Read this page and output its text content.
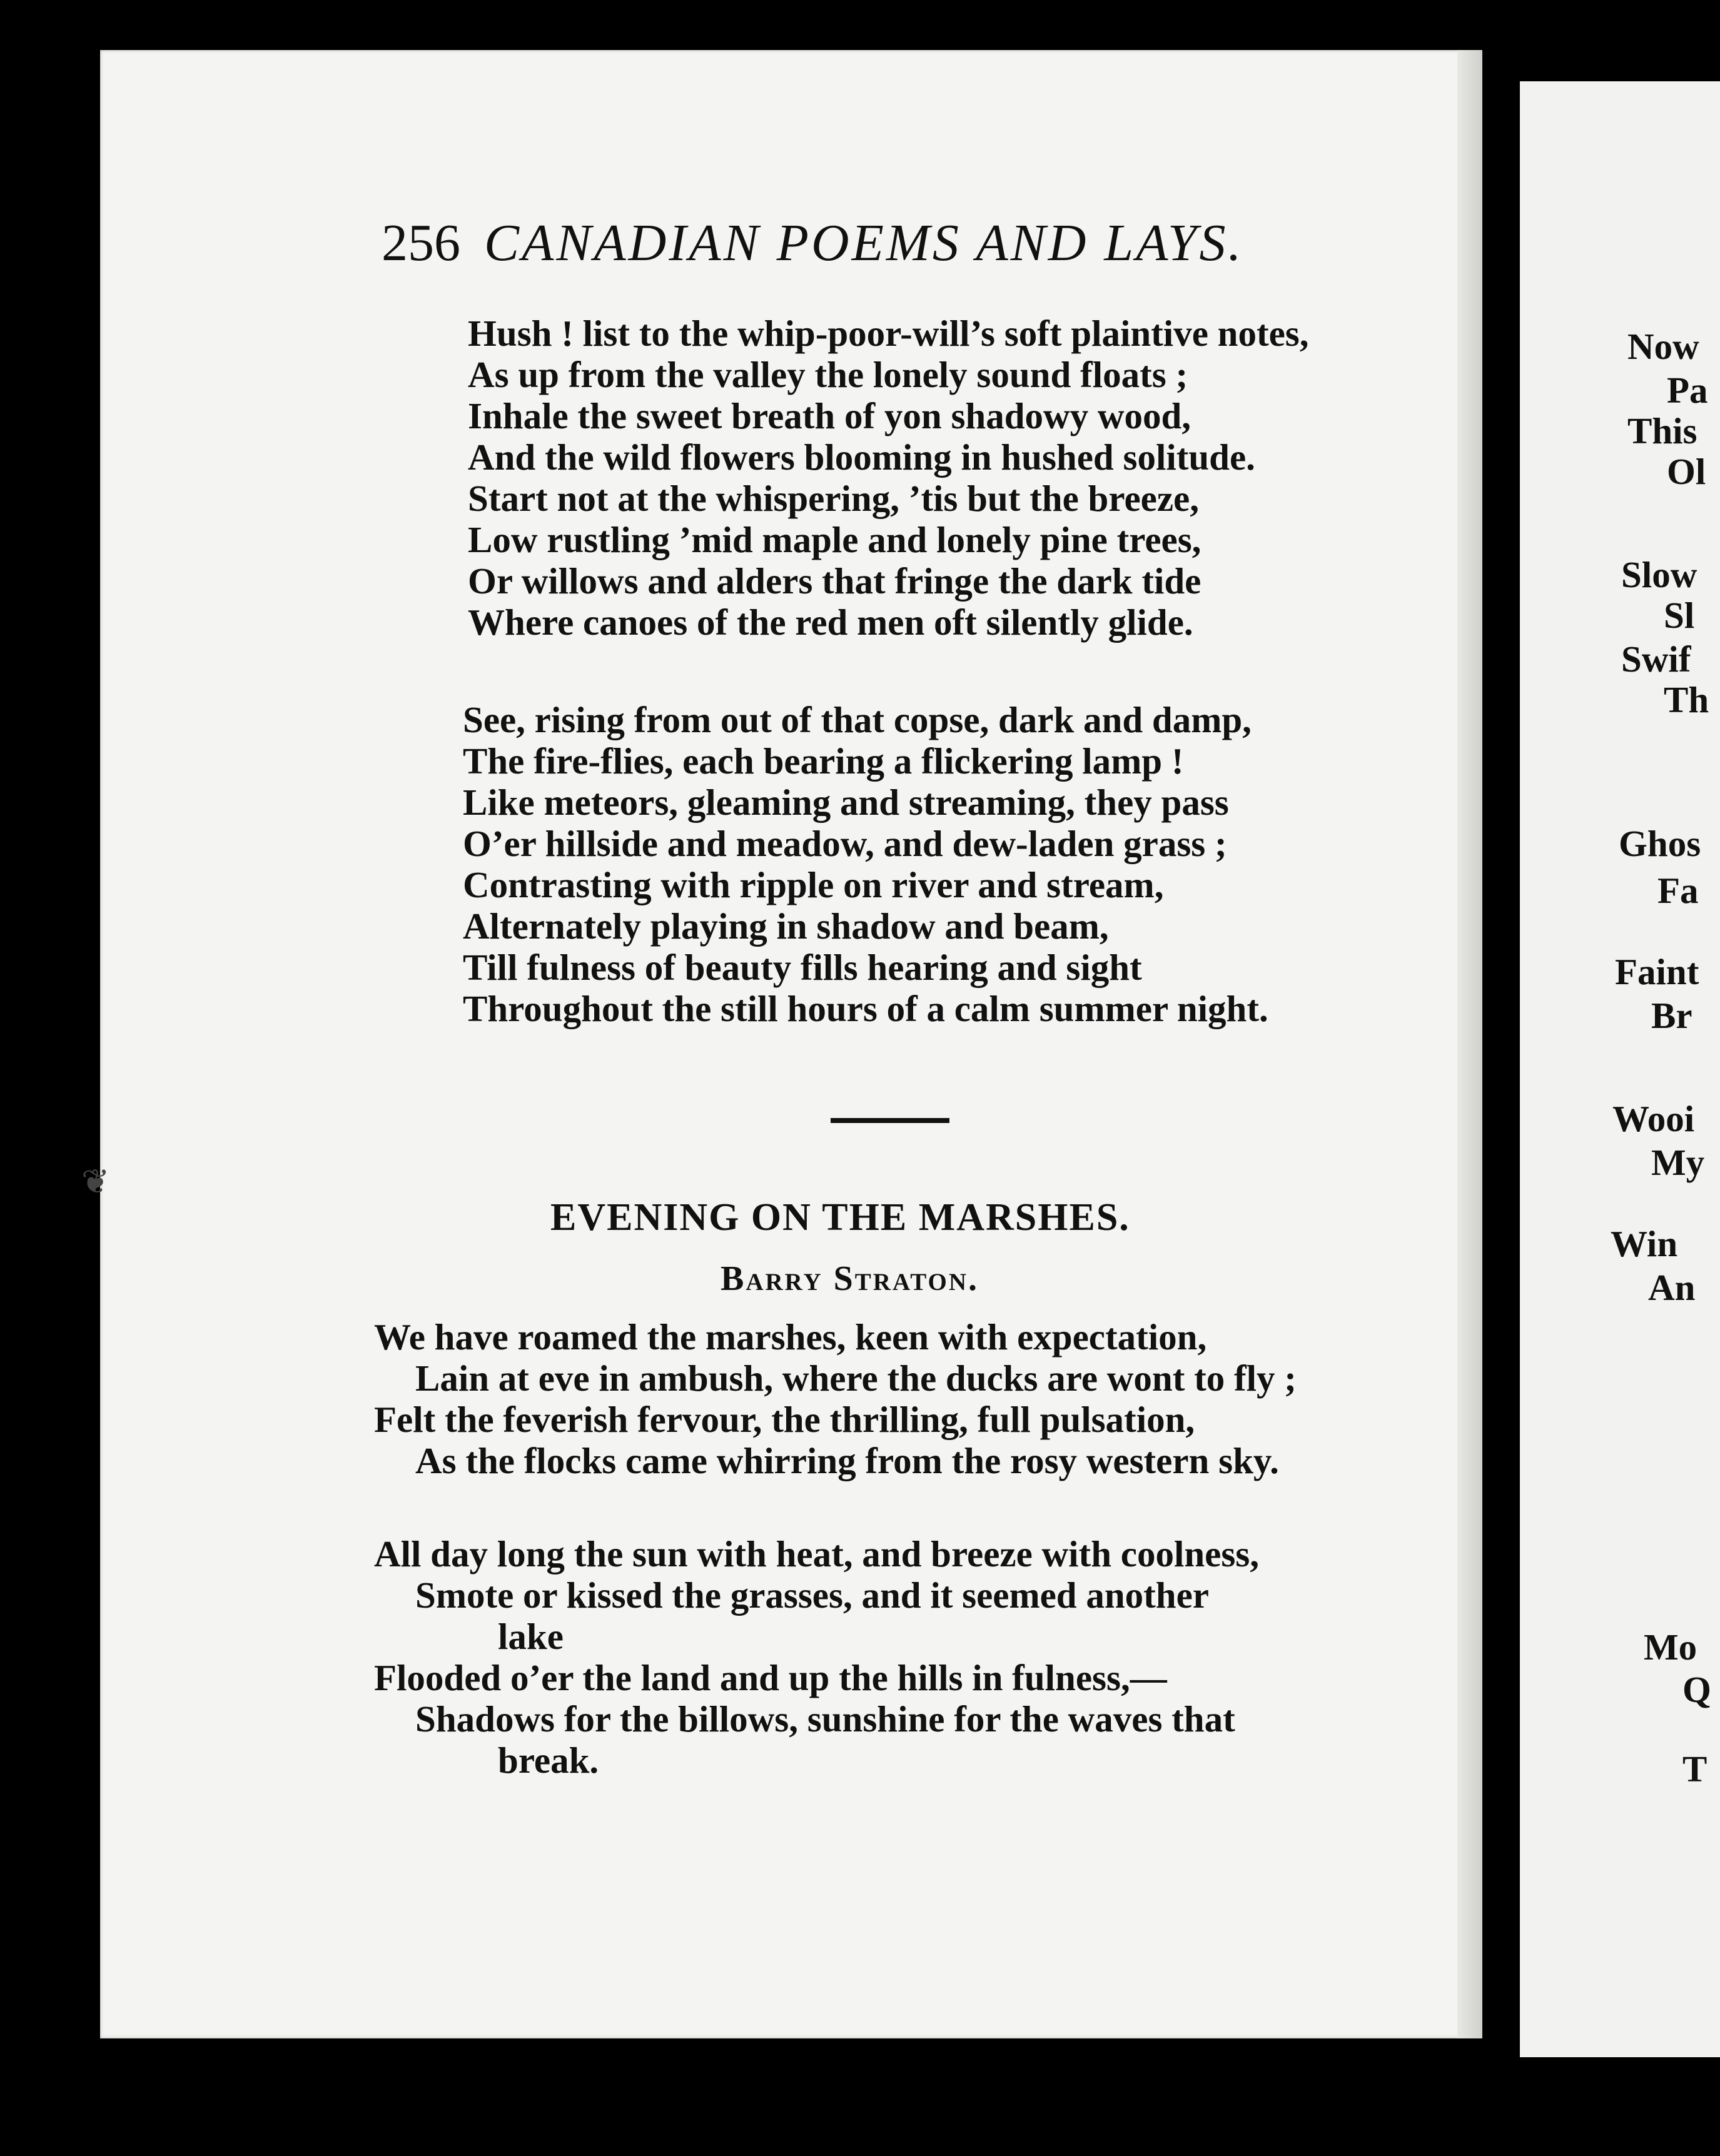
256 CANADIAN POEMS AND LAYS.
Hush ! list to the whip-poor-will’s soft plaintive notes,
As up from the valley the lonely sound floats ;
Inhale the sweet breath of yon shadowy wood,
And the wild flowers blooming in hushed solitude.
Start not at the whispering, ’tis but the breeze,
Low rustling ’mid maple and lonely pine trees,
Or willows and alders that fringe the dark tide
Where canoes of the red men oft silently glide.
See, rising from out of that copse, dark and damp,
The fire-flies, each bearing a flickering lamp !
Like meteors, gleaming and streaming, they pass
O’er hillside and meadow, and dew-laden grass ;
Contrasting with ripple on river and stream,
Alternately playing in shadow and beam,
Till fulness of beauty fills hearing and sight
Throughout the still hours of a calm summer night.
EVENING ON THE MARSHES.
Barry Straton.
We have roamed the marshes, keen with expectation,
Lain at eve in ambush, where the ducks are wont to fly ;
Felt the feverish fervour, the thrilling, full pulsation,
As the flocks came whirring from the rosy western sky.
All day long the sun with heat, and breeze with coolness,
Smote or kissed the grasses, and it seemed another
lake
Flooded o’er the land and up the hills in fulness,—
Shadows for the billows, sunshine for the waves that
break.
❦
Now
Pa
This
Ol
Slow
Sl
Swif
Th
Ghos
Fa
Faint
Br
Wooi
My
Win
An
Mo
Q
T
